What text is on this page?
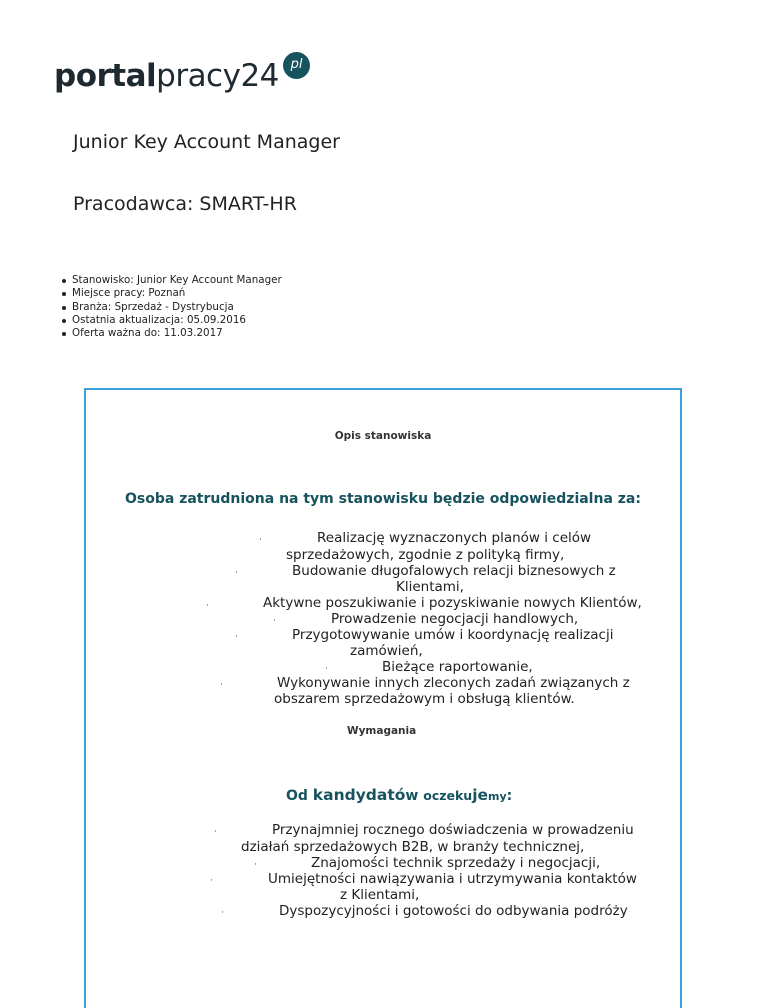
portalpracy24 pl
Junior Key Account Manager
Pracodawca: SMART-HR
Stanowisko: Junior Key Account Manager
Miejsce pracy: Poznań
Branża: Sprzedaż - Dystrybucja
Ostatnia aktualizacja: 05.09.2016
Oferta ważna do: 11.03.2017
Opis stanowiska
Osoba zatrudniona na tym stanowisku będzie odpowiedzialna za:
·	Realizację wyznaczonych planów i celów
sprzedażowych, zgodnie z polityką firmy,
·	Budowanie długofalowych relacji biznesowych z
Klientami,
·	Aktywne poszukiwanie i pozyskiwanie nowych Klientów,
·	Prowadzenie negocjacji handlowych,
·	Przygotowywanie umów i koordynację realizacji
zamówień,
·	Bieżące raportowanie,
·	Wykonywanie innych zleconych zadań związanych z
obszarem sprzedażowym i obsługą klientów.
Wymagania
Od kandydatów oczekujemy:
·	Przynajmniej rocznego doświadczenia w prowadzeniu
działań sprzedażowych B2B, w branży technicznej,
·	Znajomości technik sprzedaży i negocjacji,
·	Umiejętności nawiązywania i utrzymywania kontaktów
z Klientami,
·	Dyspozycyjności i gotowości do odbywania podróży
